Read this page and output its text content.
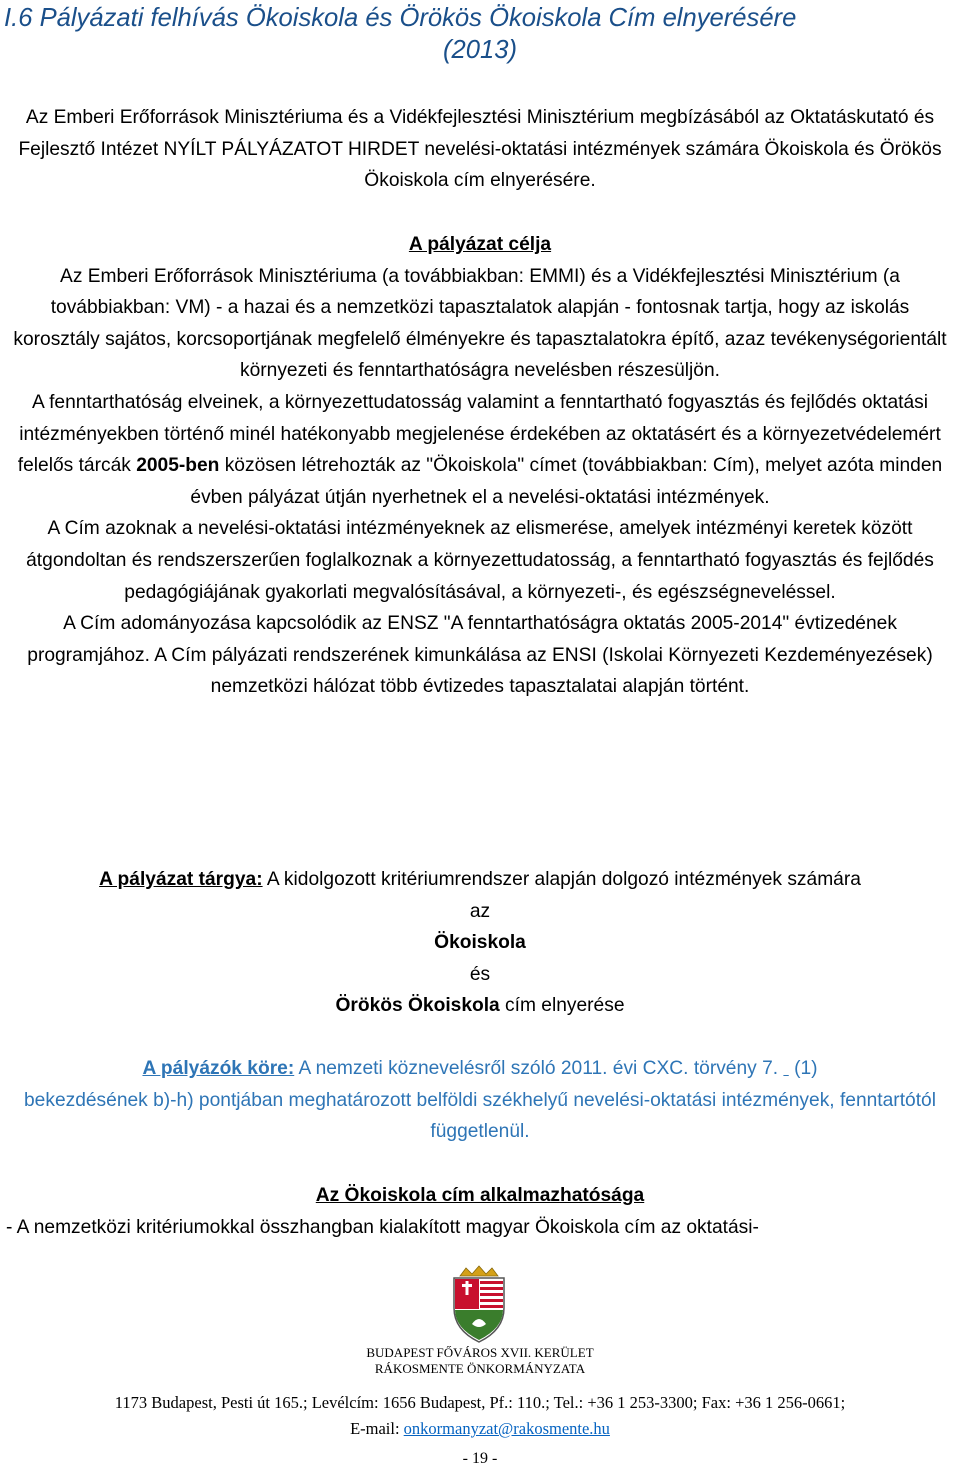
I.6 Pályázati felhívás Ökoiskola és Örökös Ökoiskola Cím elnyerésére
(2013)
Az Emberi Erőforrások Minisztériuma és a Vidékfejlesztési Minisztérium megbízásából az Oktatáskutató és Fejlesztő Intézet NYÍLT PÁLYÁZATOT HIRDET nevelési-oktatási intézmények számára Ökoiskola és Örökös Ökoiskola cím elnyerésére.
A pályázat célja
Az Emberi Erőforrások Minisztériuma (a továbbiakban: EMMI) és a Vidékfejlesztési Minisztérium (a továbbiakban: VM) - a hazai és a nemzetközi tapasztalatok alapján - fontosnak tartja, hogy az iskolás korosztály sajátos, korcsoportjának megfelelő élményekre és tapasztalatokra építő, azaz tevékenységorientált környezeti és fenntarthatóságra nevelésben részesüljön.
A fenntarthatóság elveinek, a környezettudatosság valamint a fenntartható fogyasztás és fejlődés oktatási intézményekben történő minél hatékonyabb megjelenése érdekében az oktatásért és a környezetvédelemért felelős tárcák 2005-ben közösen létrehozták az "Ökoiskola" címet (továbbiakban: Cím), melyet azóta minden évben pályázat útján nyerhetnek el a nevelési-oktatási intézmények.
A Cím azoknak a nevelési-oktatási intézményeknek az elismerése, amelyek intézményi keretek között átgondoltan és rendszerszerűen foglalkoznak a környezettudatosság, a fenntartható fogyasztás és fejlődés pedagógiájának gyakorlati megvalósításával, a környezeti-, és egészségneveléssel.
A Cím adományozása kapcsolódik az ENSZ "A fenntarthatóságra oktatás 2005-2014" évtizedének programjához. A Cím pályázati rendszerének kimunkálása az ENSI (Iskolai Környezeti Kezdeményezések) nemzetközi hálózat több évtizedes tapasztalatai alapján történt.
A pályázat tárgya: A kidolgozott kritériumrendszer alapján dolgozó intézmények számára
az
Ökoiskola
és
Örökös Ökoiskola cím elnyerése
A pályázók köre: A nemzeti köznevelésről szóló 2011. évi CXC. törvény 7.   (1)
bekezdésének b)-h) pontjában meghatározott belföldi székhelyű nevelési-oktatási intézmények, fenntartótól függetlenül.
Az Ökoiskola cím alkalmazhatósága
- A nemzetközi kritériumokkal összhangban kialakított magyar Ökoiskola cím az oktatási-
BUDAPEST FŐVÁROS XVII. KERÜLET
RÁKOSMENTE ÖNKORMÁNYZATA
1173 Budapest, Pesti út 165.; Levélcím: 1656 Budapest, Pf.: 110.; Tel.: +36 1 253-3300; Fax: +36 1 256-0661;
E-mail: onkormanyzat@rakosmente.hu
- 19 -
